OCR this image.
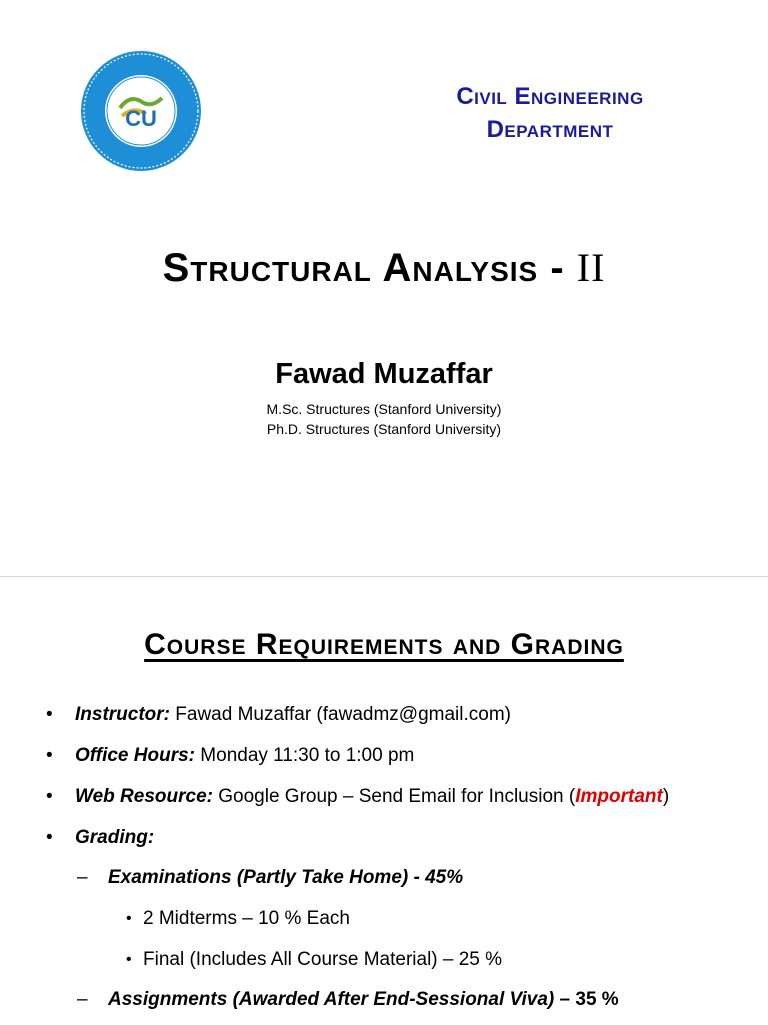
CU
Civil Engineering
Department
Structural Analysis - II
Fawad Muzaffar
M.Sc. Structures (Stanford University)
Ph.D. Structures (Stanford University)
Course Requirements and Grading
• Instructor: Fawad Muzaffar (fawadmz@gmail.com)
• Office Hours: Monday 11:30 to 1:00 pm
• Web Resource: Google Group – Send Email for Inclusion (Important)
• Grading:
– Examinations (Partly Take Home) - 45%
• 2 Midterms – 10 % Each
• Final (Includes All Course Material) – 25 %
– Assignments (Awarded After End-Sessional Viva) – 35 %
